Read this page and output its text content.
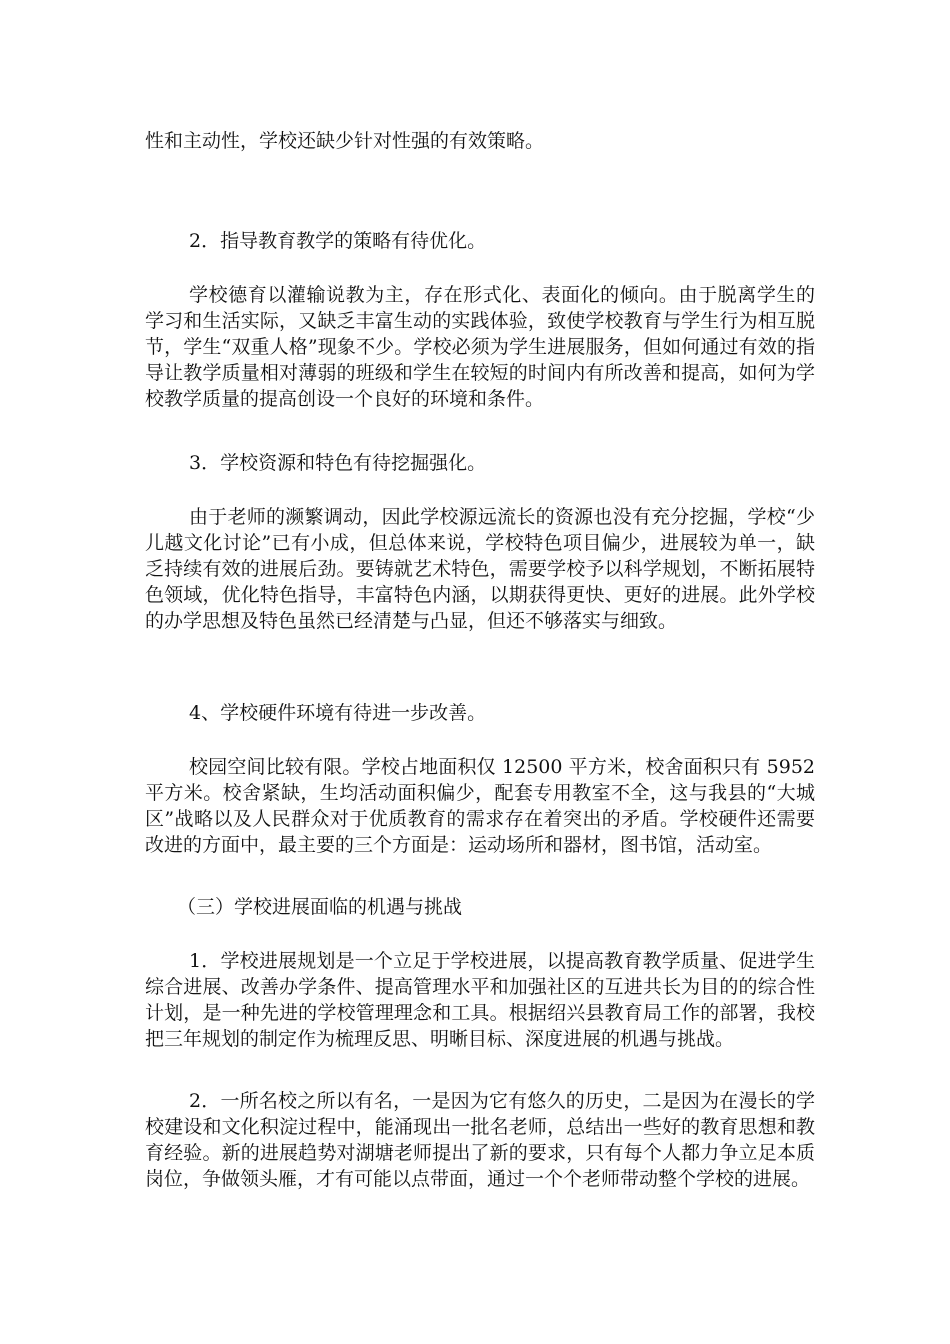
性和主动性，学校还缺少针对性强的有效策略。

2．指导教育教学的策略有待优化。

学校德育以灌输说教为主，存在形式化、表面化的倾向。由于脱离学生的学习和生活实际，又缺乏丰富生动的实践体验，致使学校教育与学生行为相互脱节，学生“双重人格”现象不少。学校必须为学生进展服务，但如何通过有效的指导让教学质量相对薄弱的班级和学生在较短的时间内有所改善和提高，如何为学校教学质量的提高创设一个良好的环境和条件。

3．学校资源和特色有待挖掘强化。

由于老师的濒繁调动，因此学校源远流长的资源也没有充分挖掘，学校“少儿越文化讨论”已有小成，但总体来说，学校特色项目偏少，进展较为单一，缺乏持续有效的进展后劲。要铸就艺术特色，需要学校予以科学规划，不断拓展特色领域，优化特色指导，丰富特色内涵，以期获得更快、更好的进展。此外学校的办学思想及特色虽然已经清楚与凸显，但还不够落实与细致。

4、学校硬件环境有待进一步改善。

校园空间比较有限。学校占地面积仅 12500 平方米，校舍面积只有 5952 平方米。校舍紧缺，生均活动面积偏少，配套专用教室不全，这与我县的“大城区”战略以及人民群众对于优质教育的需求存在着突出的矛盾。学校硬件还需要改进的方面中，最主要的三个方面是：运动场所和器材，图书馆，活动室。

（三）学校进展面临的机遇与挑战

1．学校进展规划是一个立足于学校进展，以提高教育教学质量、促进学生综合进展、改善办学条件、提高管理水平和加强社区的互进共长为目的的综合性计划，是一种先进的学校管理理念和工具。根据绍兴县教育局工作的部署，我校把三年规划的制定作为梳理反思、明晰目标、深度进展的机遇与挑战。

2．一所名校之所以有名，一是因为它有悠久的历史，二是因为在漫长的学校建设和文化积淀过程中，能涌现出一批名老师，总结出一些好的教育思想和教育经验。新的进展趋势对湖塘老师提出了新的要求，只有每个人都力争立足本质岗位，争做领头雁，才有可能以点带面，通过一个个老师带动整个学校的进展。
